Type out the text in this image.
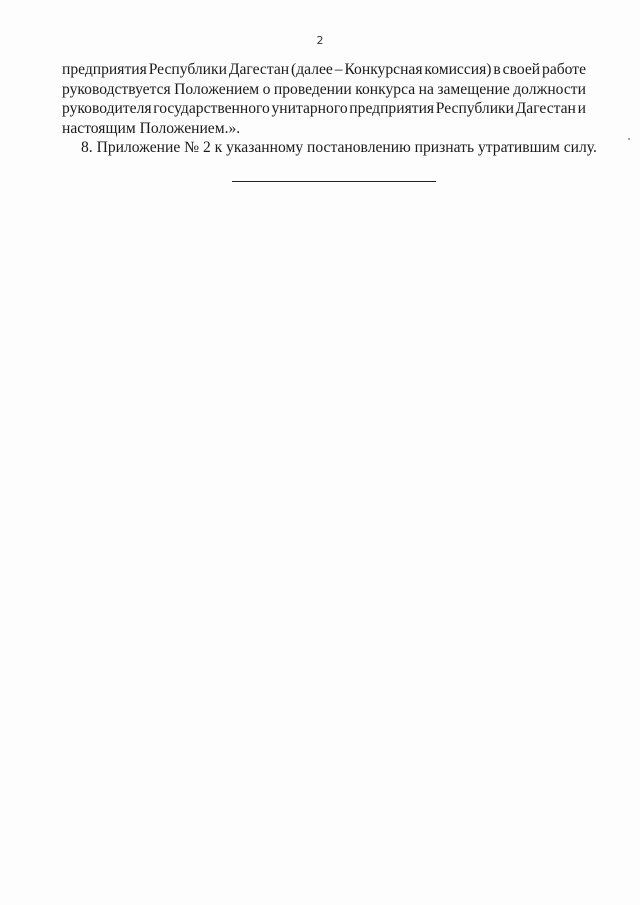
2
предприятия Республики Дагестан (далее – Конкурсная комиссия) в своей работе
руководствуется Положением о проведении конкурса на замещение должности
руководителя государственного унитарного предприятия Республики Дагестан и
настоящим Положением.».
8. Приложение № 2 к указанному постановлению признать утратившим силу.
